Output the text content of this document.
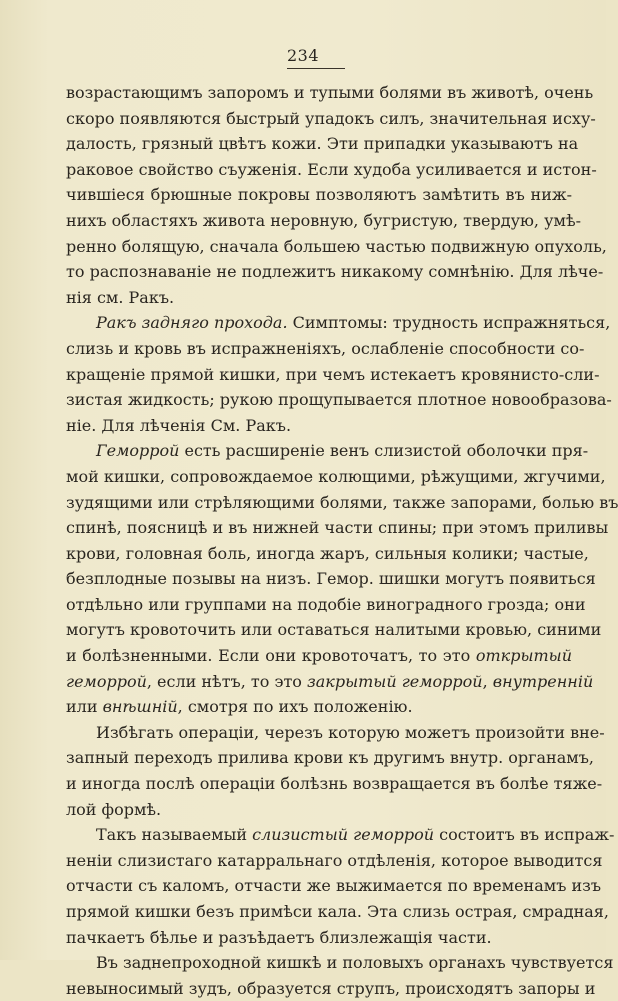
234
возрастающимъ запоромъ и тупыми болями въ животѣ, очень
скоро появляются быстрый упадокъ силъ, значительная исху-
далость, грязный цвѣтъ кожи. Эти припадки указываютъ на
раковое свойство съуженія. Если худоба усиливается и истон-
чившіеся брюшные покровы позволяютъ замѣтить въ ниж-
нихъ областяхъ живота неровную, бугристую, твердую, умѣ-
ренно болящую, сначала большею частью подвижную опухоль,
то распознаваніе не подлежитъ никакому сомнѣнію. Для лѣче-
нія см. Ракъ.
Ракъ задняго прохода. Симптомы: трудность испражняться,
слизь и кровь въ испражненіяхъ, ослабленіе способности со-
кращеніе прямой кишки, при чемъ истекаетъ кровянисто-сли-
зистая жидкость; рукою прощупывается плотное новообразова-
ніе. Для лѣченія См. Ракъ.
Геморрой есть расширеніе венъ слизистой оболочки пря-
мой кишки, сопровождаемое колющими, рѣжущими, жгучими,
зудящими или стрѣляющими болями, также запорами, болью въ
спинѣ, поясницѣ и въ нижней части спины; при этомъ приливы
крови, головная боль, иногда жаръ, сильныя колики; частые,
безплодные позывы на низъ. Гемор. шишки могутъ появиться
отдѣльно или группами на подобіе виноградного грозда; они
могутъ кровоточить или оставаться налитыми кровью, синими
и болѣзненными. Если они кровоточатъ, то это открытый
геморрой, если нѣтъ, то это закрытый геморрой, внутренній
или внѣшній, смотря по ихъ положенію.
Избѣгать операціи, черезъ которую можетъ произойти вне-
запный переходъ прилива крови къ другимъ внутр. органамъ,
и иногда послѣ операціи болѣзнь возвращается въ болѣе тяже-
лой формѣ.
Такъ называемый слизистый геморрой состоитъ въ испраж-
неніи слизистаго катарральнаго отдѣленія, которое выводится
отчасти съ каломъ, отчасти же выжимается по временамъ изъ
прямой кишки безъ примѣси кала. Эта слизь острая, смрадная,
пачкаетъ бѣлье и разъѣдаетъ близлежащія части.
Въ заднепроходной кишкѣ и половыхъ органахъ чувствуется
невыносимый зудъ, образуется струпъ, происходятъ запоры и
